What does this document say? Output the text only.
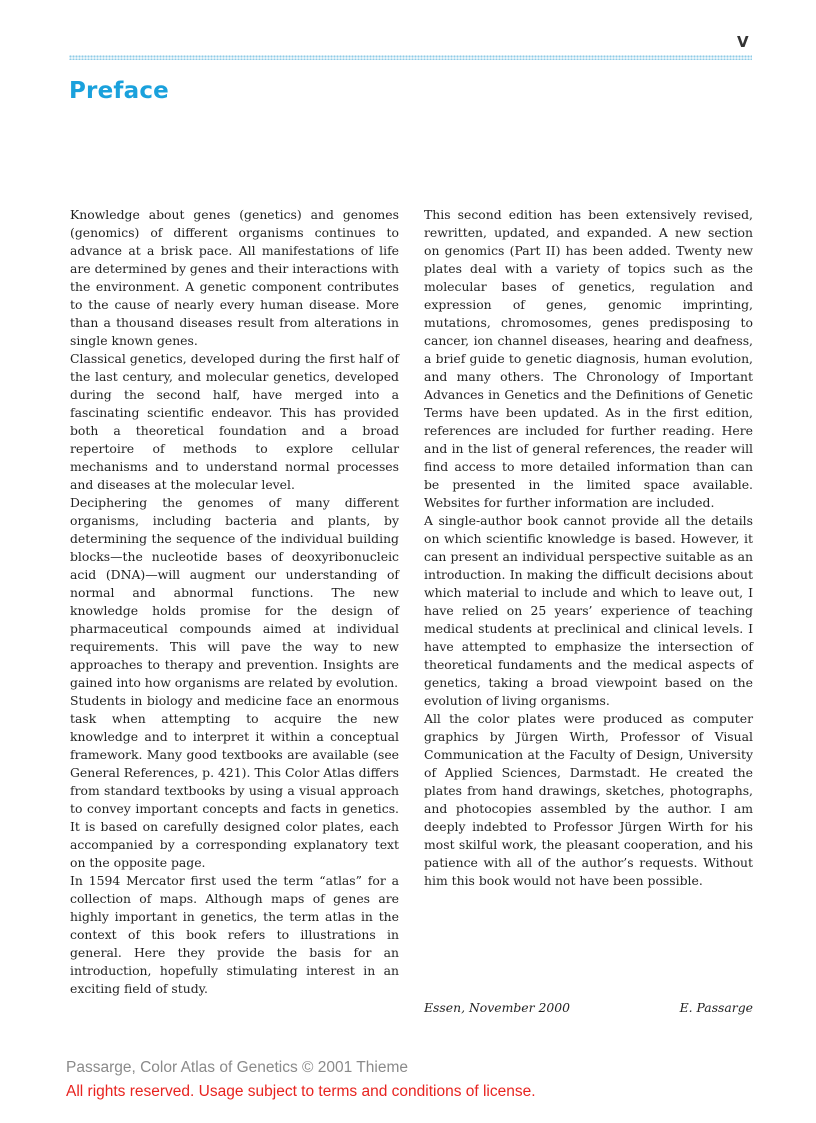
V
Preface

Knowledge about genes (genetics) and genomes (genomics) of different organisms continues to advance at a brisk pace. All manifestations of life are determined by genes and their interactions with the environment. A genetic component contributes to the cause of nearly every human disease. More than a thousand diseases result from alterations in single known genes.

Classical genetics, developed during the first half of the last century, and molecular genetics, developed during the second half, have merged into a fascinating scientific endeavor. This has provided both a theoretical foundation and a broad repertoire of methods to explore cellular mechanisms and to understand normal processes and diseases at the molecular level.

Deciphering the genomes of many different organisms, including bacteria and plants, by determining the sequence of the individual building blocks—the nucleotide bases of deoxyribonucleic acid (DNA)—will augment our understanding of normal and abnormal functions. The new knowledge holds promise for the design of pharmaceutical compounds aimed at individual requirements. This will pave the way to new approaches to therapy and prevention. Insights are gained into how organisms are related by evolution.

Students in biology and medicine face an enormous task when attempting to acquire the new knowledge and to interpret it within a conceptual framework. Many good textbooks are available (see General References, p. 421). This Color Atlas differs from standard textbooks by using a visual approach to convey important concepts and facts in genetics. It is based on carefully designed color plates, each accompanied by a corresponding explanatory text on the opposite page.

In 1594 Mercator first used the term “atlas” for a collection of maps. Although maps of genes are highly important in genetics, the term atlas in the context of this book refers to illustrations in general. Here they provide the basis for an introduction, hopefully stimulating interest in an exciting field of study.

This second edition has been extensively revised, rewritten, updated, and expanded. A new section on genomics (Part II) has been added. Twenty new plates deal with a variety of topics such as the molecular bases of genetics, regulation and expression of genes, genomic imprinting, mutations, chromosomes, genes predisposing to cancer, ion channel diseases, hearing and deafness, a brief guide to genetic diagnosis, human evolution, and many others. The Chronology of Important Advances in Genetics and the Definitions of Genetic Terms have been updated. As in the first edition, references are included for further reading. Here and in the list of general references, the reader will find access to more detailed information than can be presented in the limited space available. Websites for further information are included.

A single-author book cannot provide all the details on which scientific knowledge is based. However, it can present an individual perspective suitable as an introduction. In making the difficult decisions about which material to include and which to leave out, I have relied on 25 years’ experience of teaching medical students at preclinical and clinical levels. I have attempted to emphasize the intersection of theoretical fundaments and the medical aspects of genetics, taking a broad viewpoint based on the evolution of living organisms.

All the color plates were produced as computer graphics by Jürgen Wirth, Professor of Visual Communication at the Faculty of Design, University of Applied Sciences, Darmstadt. He created the plates from hand drawings, sketches, photographs, and photocopies assembled by the author. I am deeply indebted to Professor Jürgen Wirth for his most skilful work, the pleasant cooperation, and his patience with all of the author’s requests. Without him this book would not have been possible.

Essen, November 2000	E. Passarge
Passarge, Color Atlas of Genetics © 2001 Thieme
All rights reserved. Usage subject to terms and conditions of license.
